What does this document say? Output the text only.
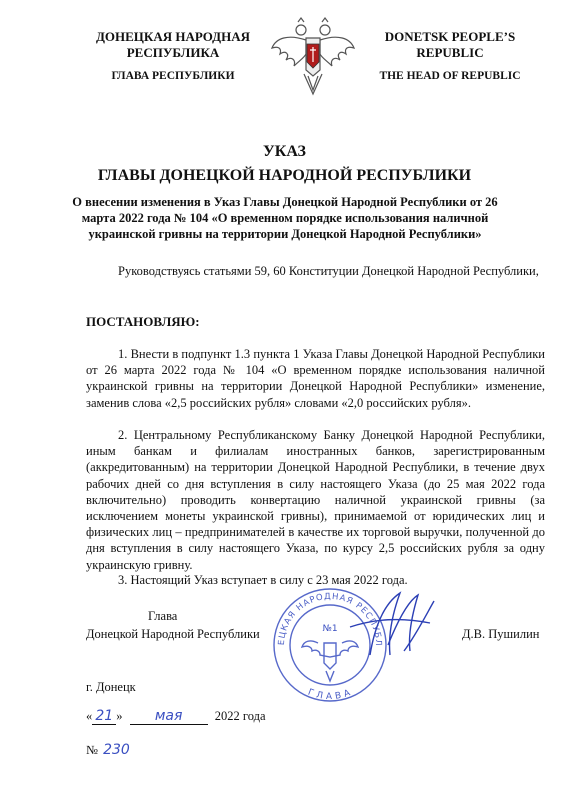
ДОНЕЦКАЯ НАРОДНАЯ
РЕСПУБЛИКА
ГЛАВА РЕСПУБЛИКИ
DONETSK PEOPLE’S
REPUBLIC
THE HEAD OF REPUBLIC
УКАЗ
ГЛАВЫ ДОНЕЦКОЙ НАРОДНОЙ РЕСПУБЛИКИ
О внесении изменения в Указ Главы Донецкой Народной Республики от 26 марта 2022 года № 104 «О временном порядке использования наличной украинской гривны на территории Донецкой Народной Республики»
Руководствуясь статьями 59, 60 Конституции Донецкой Народной Республики,
ПОСТАНОВЛЯЮ:
1. Внести в подпункт 1.3 пункта 1 Указа Главы Донецкой Народной Республики от 26 марта 2022 года № 104 «О временном порядке использования наличной украинской гривны на территории Донецкой Народной Республики» изменение, заменив слова «2,5 российских рубля» словами «2,0 российских рубля».
2. Центральному Республиканскому Банку Донецкой Народной Республики, иным банкам и филиалам иностранных банков, зарегистрированным (аккредитованным) на территории Донецкой Народной Республики, в течение двух рабочих дней со дня вступления в силу настоящего Указа (до 25 мая 2022 года включительно) проводить конвертацию наличной украинской гривны (за исключением монеты украинской гривны), принимаемой от юридических лиц и физических лиц – предпринимателей в качестве их торговой выручки, полученной до дня вступления в силу настоящего Указа, по курсу 2,5 российских рубля за одну украинскую гривну.
3. Настоящий Указ вступает в силу с 23 мая 2022 года.
Глава
Донецкой Народной Республики	Д.В. Пушилин
ЕЦКАЯ НАРОДНАЯ РЕСПУБЛ
ГЛАВА
№1
г. Донецк
« 21 » мая	2022 года
№ 230
